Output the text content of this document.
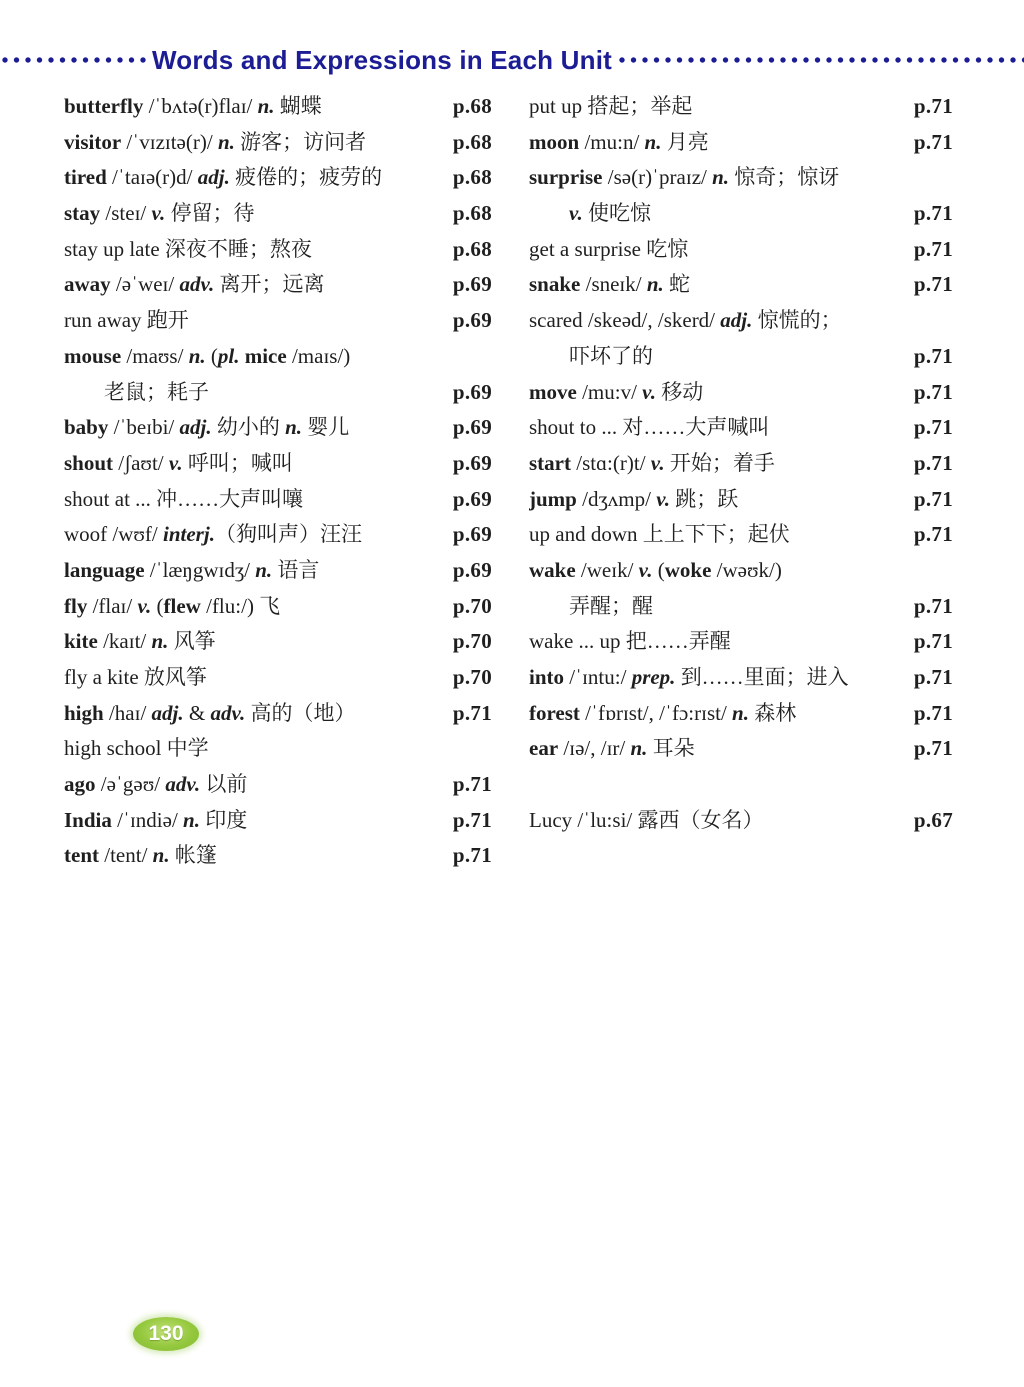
Words and Expressions in Each Unit
butterfly /ˈbʌtə(r)flaɪ/ n. 蝴蝶	p.68
visitor /ˈvɪzɪtə(r)/ n. 游客；访问者	p.68
tired /ˈtaɪə(r)d/ adj. 疲倦的；疲劳的	p.68
stay /steɪ/ v. 停留；待	p.68
stay up late 深夜不睡；熬夜	p.68
away /əˈweɪ/ adv. 离开；远离	p.69
run away 跑开	p.69
mouse /maʊs/ n. (pl. mice /maɪs/)
老鼠；耗子	p.69
baby /ˈbeɪbi/ adj. 幼小的 n. 婴儿	p.69
shout /ʃaʊt/ v. 呼叫；喊叫	p.69
shout at ... 冲……大声叫嚷	p.69
woof /wʊf/ interj.（狗叫声）汪汪	p.69
language /ˈlæŋgwɪdʒ/ n. 语言	p.69
fly /flaɪ/ v. (flew /flu:/) 飞	p.70
kite /kaɪt/ n. 风筝	p.70
fly a kite 放风筝	p.70
high /haɪ/ adj. & adv. 高的（地）	p.71
high school 中学
ago /əˈgəʊ/ adv. 以前	p.71
India /ˈɪndiə/ n. 印度	p.71
tent /tent/ n. 帐篷	p.71
put up 搭起；举起	p.71
moon /mu:n/ n. 月亮	p.71
surprise /sə(r)ˈpraɪz/ n. 惊奇；惊讶
v. 使吃惊	p.71
get a surprise 吃惊	p.71
snake /sneɪk/ n. 蛇	p.71
scared /skeəd/, /skerd/ adj. 惊慌的；
吓坏了的	p.71
move /mu:v/ v. 移动	p.71
shout to ... 对……大声喊叫	p.71
start /stɑ:(r)t/ v. 开始；着手	p.71
jump /dʒʌmp/ v. 跳；跃	p.71
up and down 上上下下；起伏	p.71
wake /weɪk/ v. (woke /wəʊk/)
弄醒；醒	p.71
wake ... up 把……弄醒	p.71
into /ˈɪntu:/ prep. 到……里面；进入	p.71
forest /ˈfɒrɪst/, /ˈfɔ:rɪst/ n. 森林	p.71
ear /ɪə/, /ɪr/ n. 耳朵	p.71
Lucy /ˈlu:si/ 露西（女名）	p.67
130
